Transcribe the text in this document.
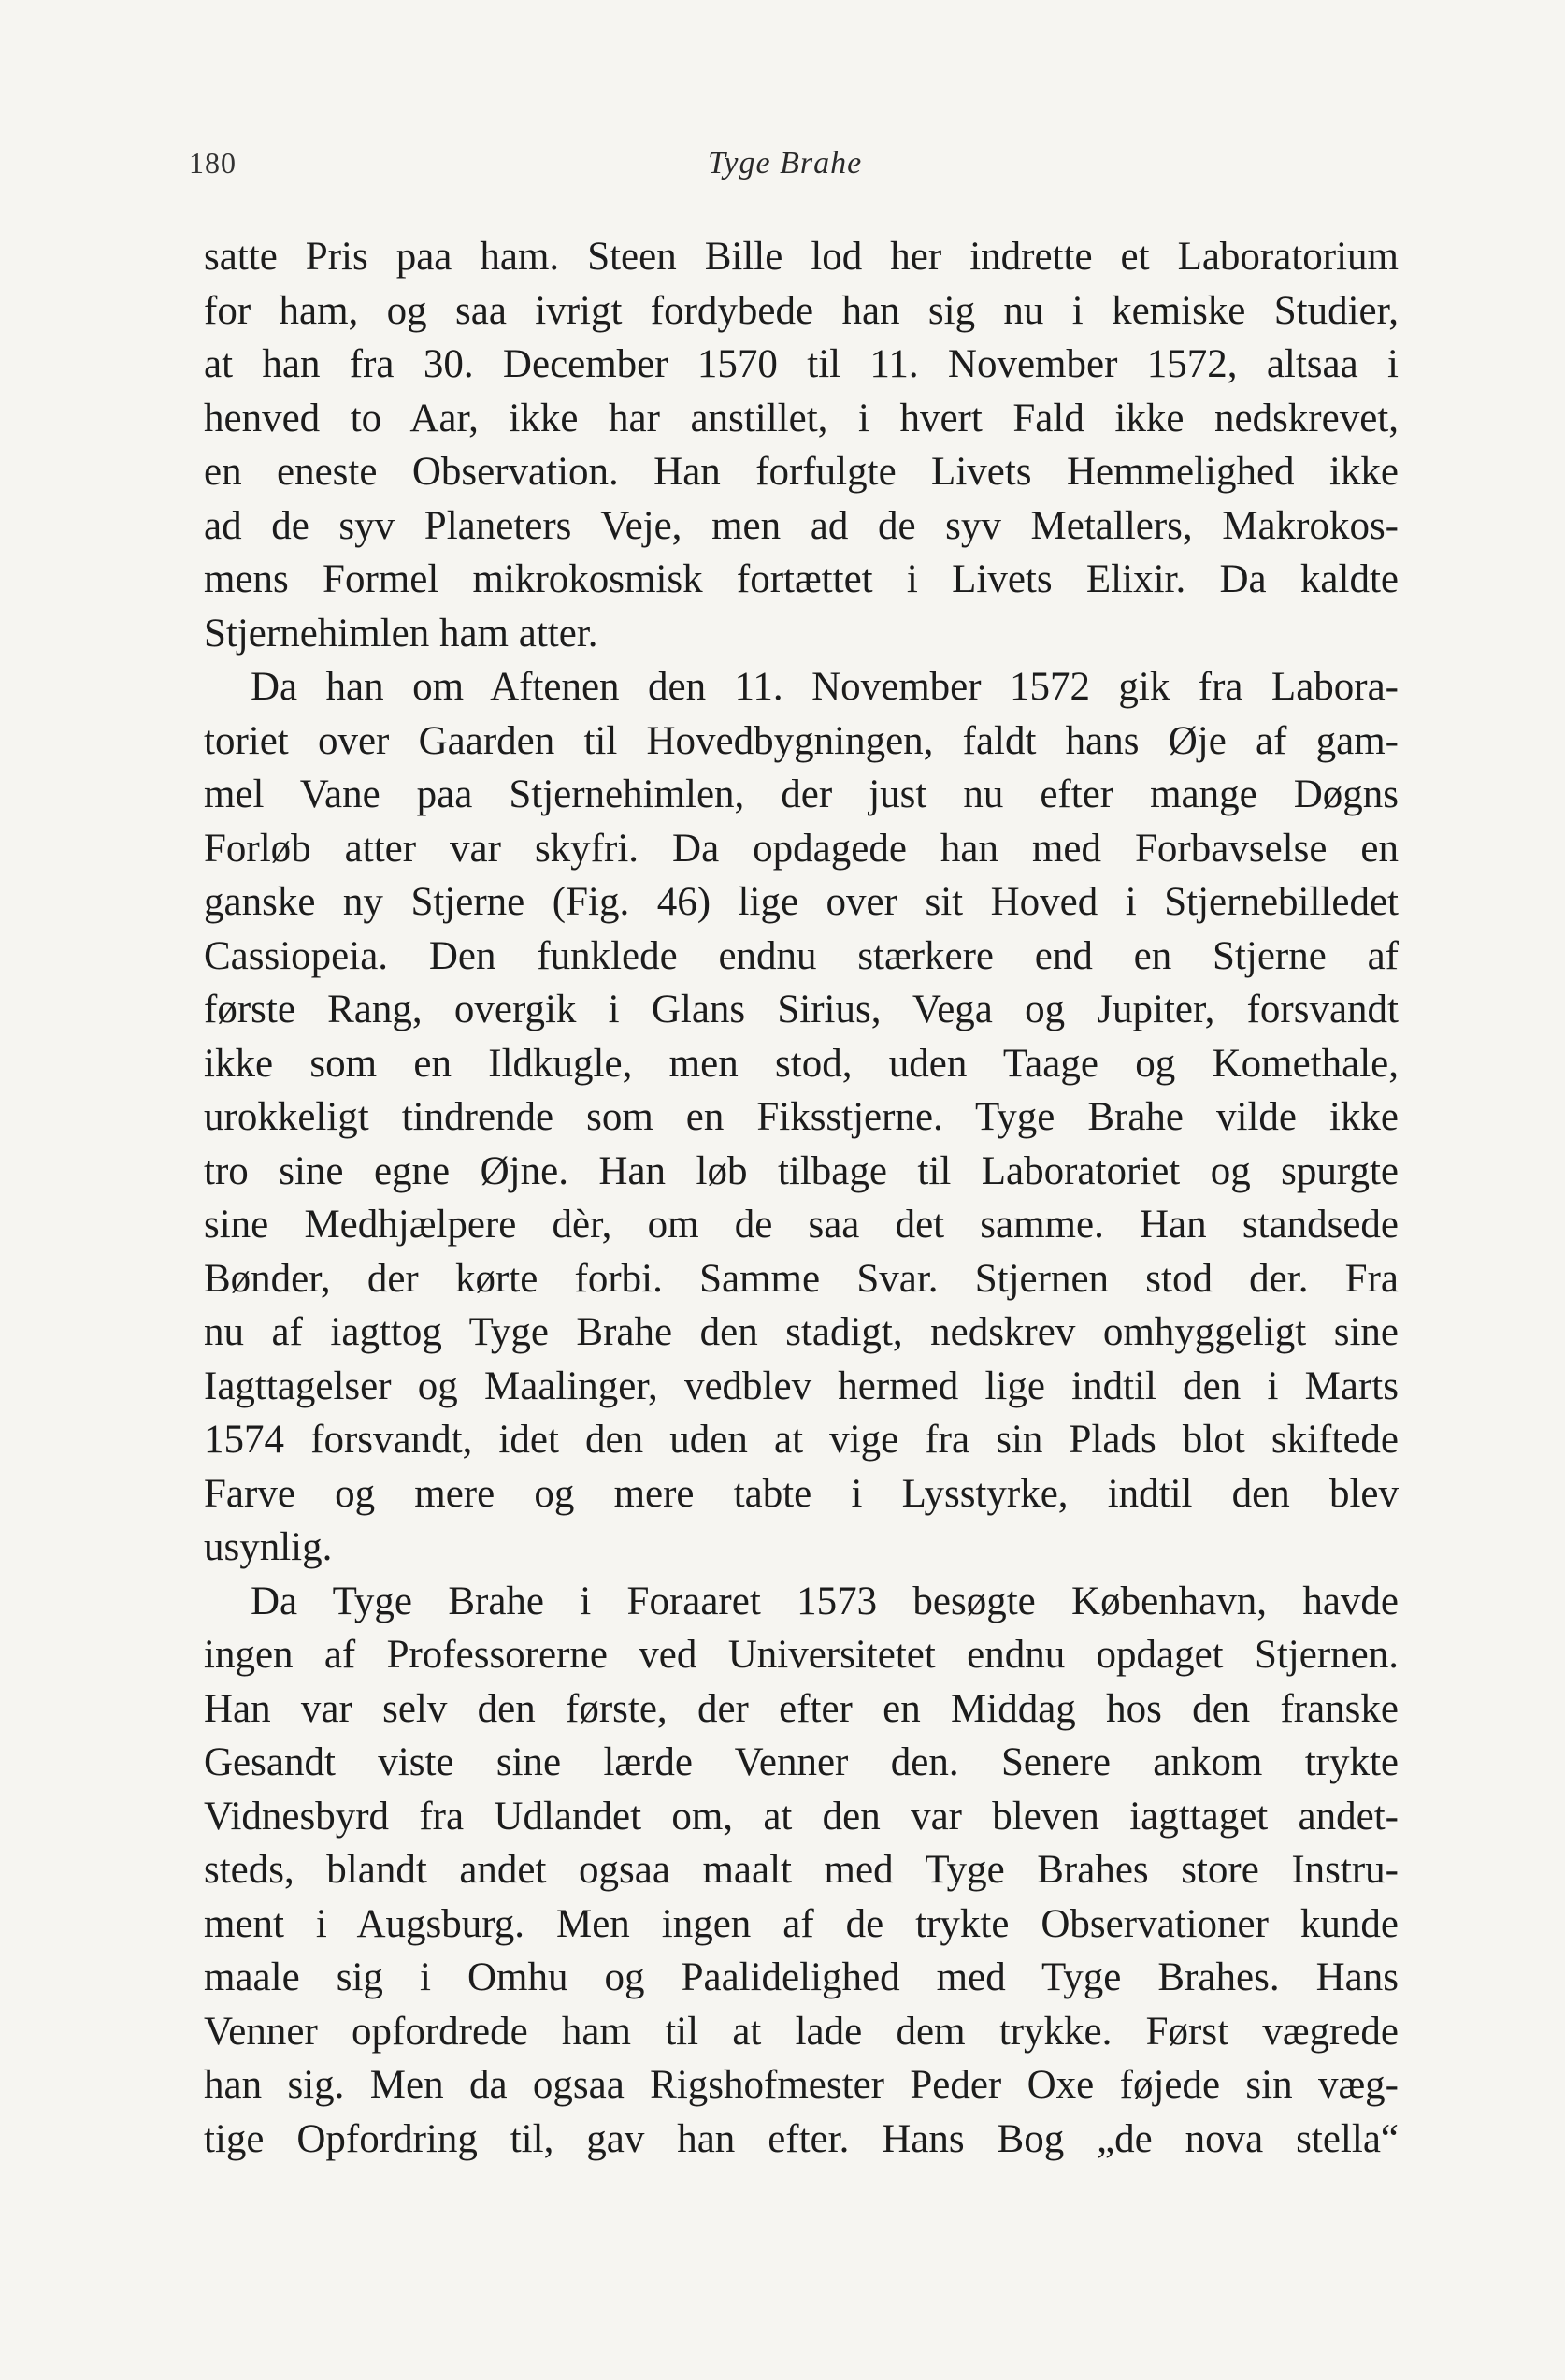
180	Tyge Brahe
satte Pris paa ham. Steen Bille lod her indrette et Laboratorium
for ham, og saa ivrigt fordybede han sig nu i kemiske Studier,
at han fra 30. December 1570 til 11. November 1572, altsaa i
henved to Aar, ikke har anstillet, i hvert Fald ikke nedskrevet,
en eneste Observation. Han forfulgte Livets Hemmelighed ikke
ad de syv Planeters Veje, men ad de syv Metallers, Makrokos-
mens Formel mikrokosmisk fortættet i Livets Elixir. Da kaldte
Stjernehimlen ham atter.
Da han om Aftenen den 11. November 1572 gik fra Labora-
toriet over Gaarden til Hovedbygningen, faldt hans Øje af gam-
mel Vane paa Stjernehimlen, der just nu efter mange Døgns
Forløb atter var skyfri. Da opdagede han med Forbavselse en
ganske ny Stjerne (Fig. 46) lige over sit Hoved i Stjernebilledet
Cassiopeia. Den funklede endnu stærkere end en Stjerne af
første Rang, overgik i Glans Sirius, Vega og Jupiter, forsvandt
ikke som en Ildkugle, men stod, uden Taage og Komethale,
urokkeligt tindrende som en Fiksstjerne. Tyge Brahe vilde ikke
tro sine egne Øjne. Han løb tilbage til Laboratoriet og spurgte
sine Medhjælpere dèr, om de saa det samme. Han standsede
Bønder, der kørte forbi. Samme Svar. Stjernen stod der. Fra
nu af iagttog Tyge Brahe den stadigt, nedskrev omhyggeligt sine
Iagttagelser og Maalinger, vedblev hermed lige indtil den i Marts
1574 forsvandt, idet den uden at vige fra sin Plads blot skiftede
Farve og mere og mere tabte i Lysstyrke, indtil den blev
usynlig.
Da Tyge Brahe i Foraaret 1573 besøgte København, havde
ingen af Professorerne ved Universitetet endnu opdaget Stjernen.
Han var selv den første, der efter en Middag hos den franske
Gesandt viste sine lærde Venner den. Senere ankom trykte
Vidnesbyrd fra Udlandet om, at den var bleven iagttaget andet-
steds, blandt andet ogsaa maalt med Tyge Brahes store Instru-
ment i Augsburg. Men ingen af de trykte Observationer kunde
maale sig i Omhu og Paalidelighed med Tyge Brahes. Hans
Venner opfordrede ham til at lade dem trykke. Først vægrede
han sig. Men da ogsaa Rigshofmester Peder Oxe føjede sin væg-
tige Opfordring til, gav han efter. Hans Bog „de nova stella“
